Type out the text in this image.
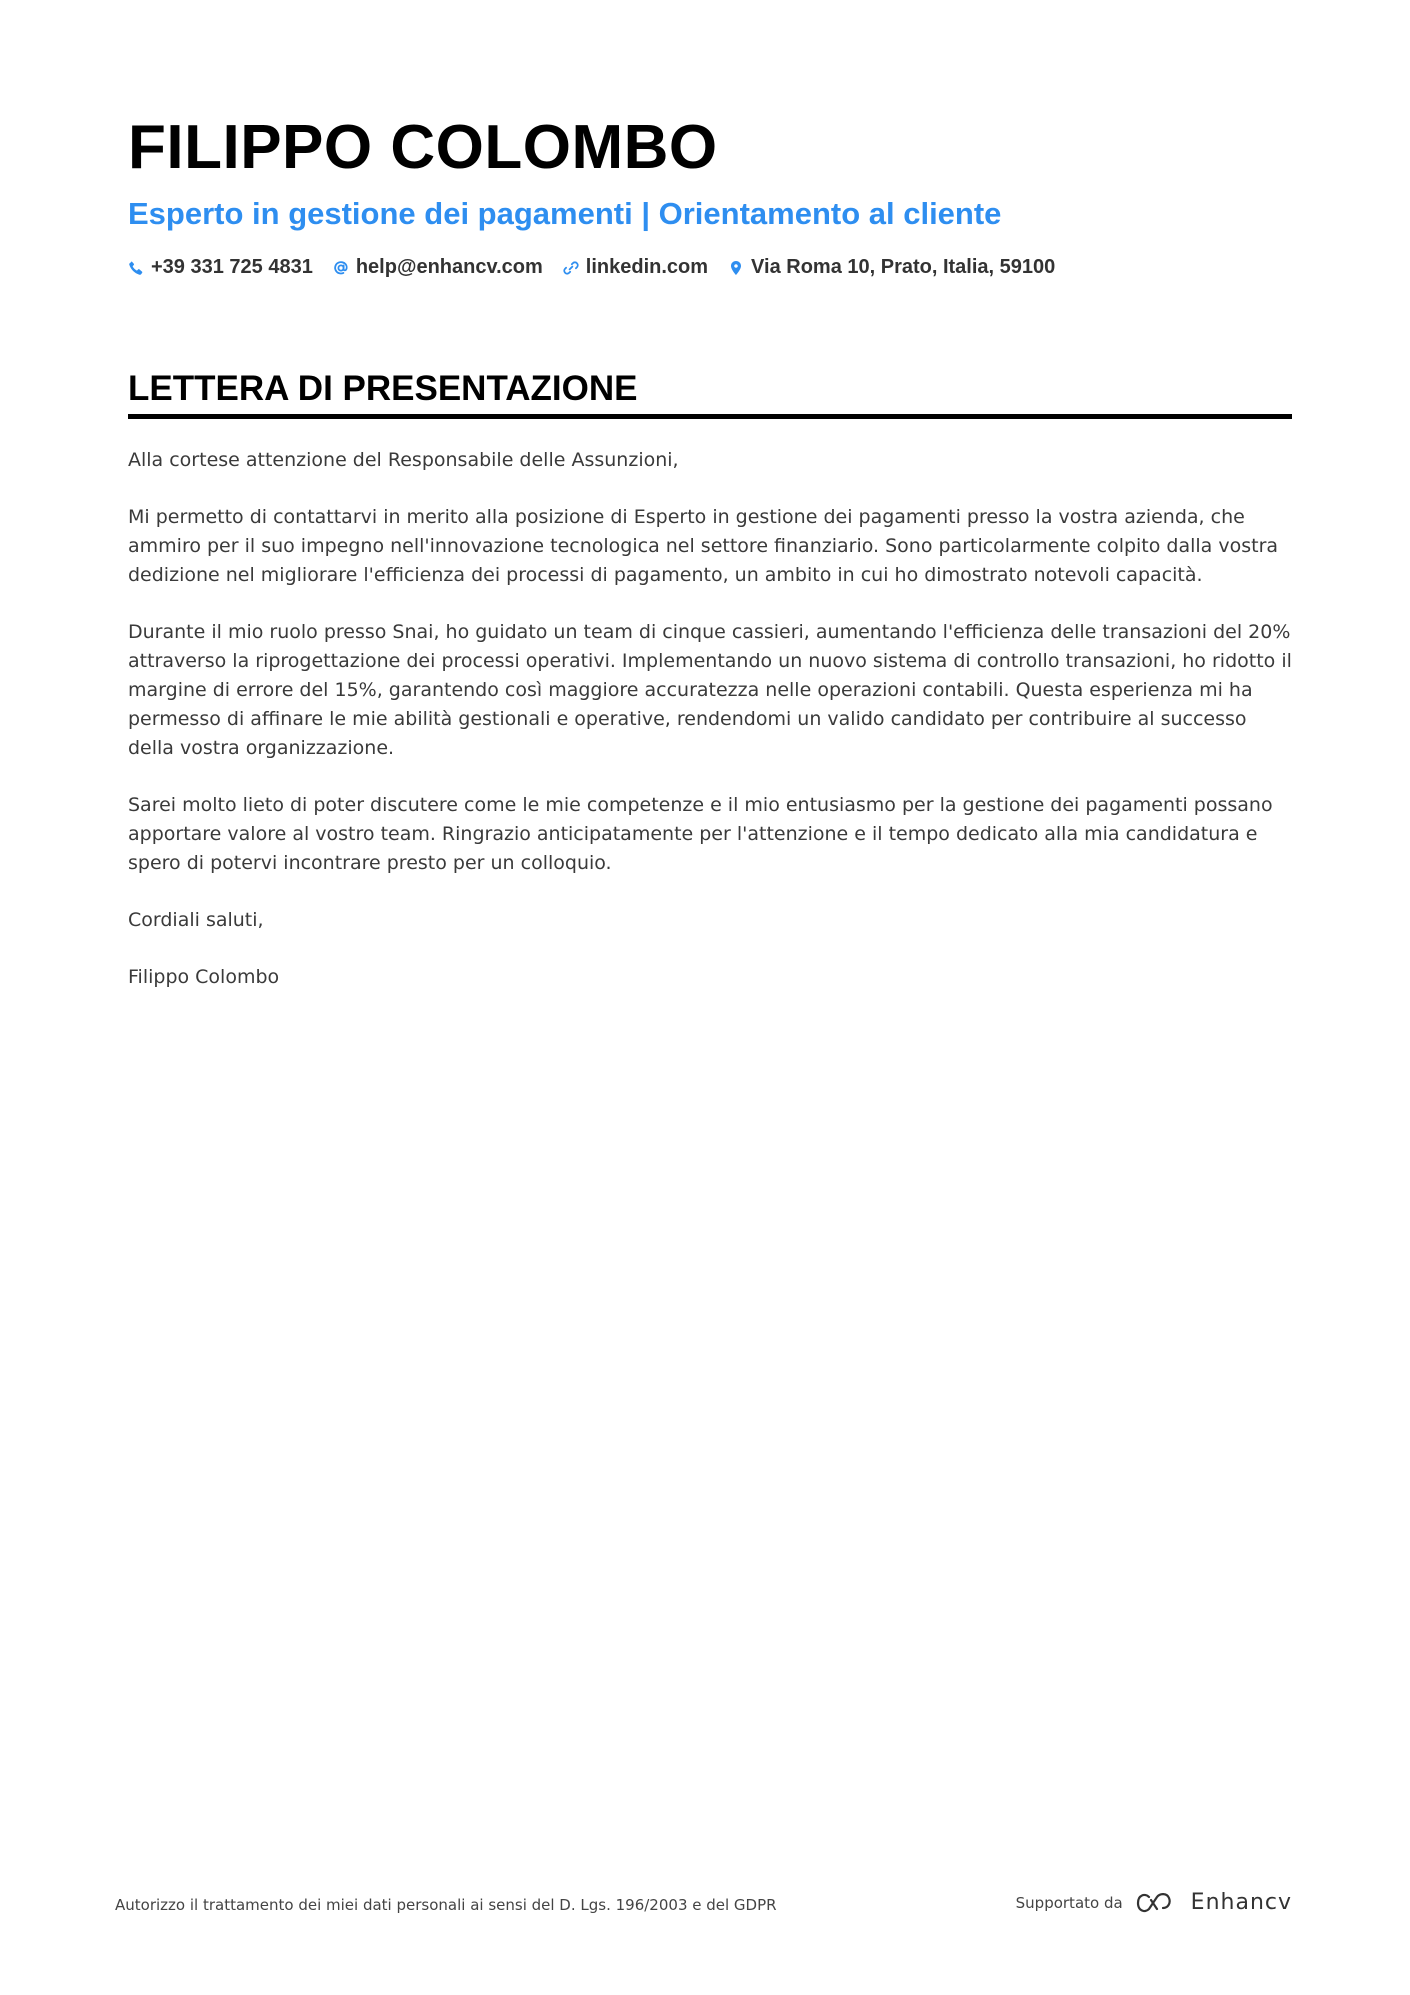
FILIPPO COLOMBO
Esperto in gestione dei pagamenti | Orientamento al cliente
+39 331 725 4831 help@enhancv.com linkedin.com Via Roma 10, Prato, Italia, 59100
LETTERA DI PRESENTAZIONE

Alla cortese attenzione del Responsabile delle Assunzioni,

Mi permetto di contattarvi in merito alla posizione di Esperto in gestione dei pagamenti presso la vostra azienda, che ammiro per il suo impegno nell'innovazione tecnologica nel settore finanziario. Sono particolarmente colpito dalla vostra dedizione nel migliorare l'efficienza dei processi di pagamento, un ambito in cui ho dimostrato notevoli capacità.

Durante il mio ruolo presso Snai, ho guidato un team di cinque cassieri, aumentando l'efficienza delle transazioni del 20% attraverso la riprogettazione dei processi operativi. Implementando un nuovo sistema di controllo transazioni, ho ridotto il margine di errore del 15%, garantendo così maggiore accuratezza nelle operazioni contabili. Questa esperienza mi ha permesso di affinare le mie abilità gestionali e operative, rendendomi un valido candidato per contribuire al successo della vostra organizzazione.

Sarei molto lieto di poter discutere come le mie competenze e il mio entusiasmo per la gestione dei pagamenti possano apportare valore al vostro team. Ringrazio anticipatamente per l'attenzione e il tempo dedicato alla mia candidatura e spero di potervi incontrare presto per un colloquio.

Cordiali saluti,

Filippo Colombo

Autorizzo il trattamento dei miei dati personali ai sensi del D. Lgs. 196/2003 e del GDPR	Supportato da	Enhancv
